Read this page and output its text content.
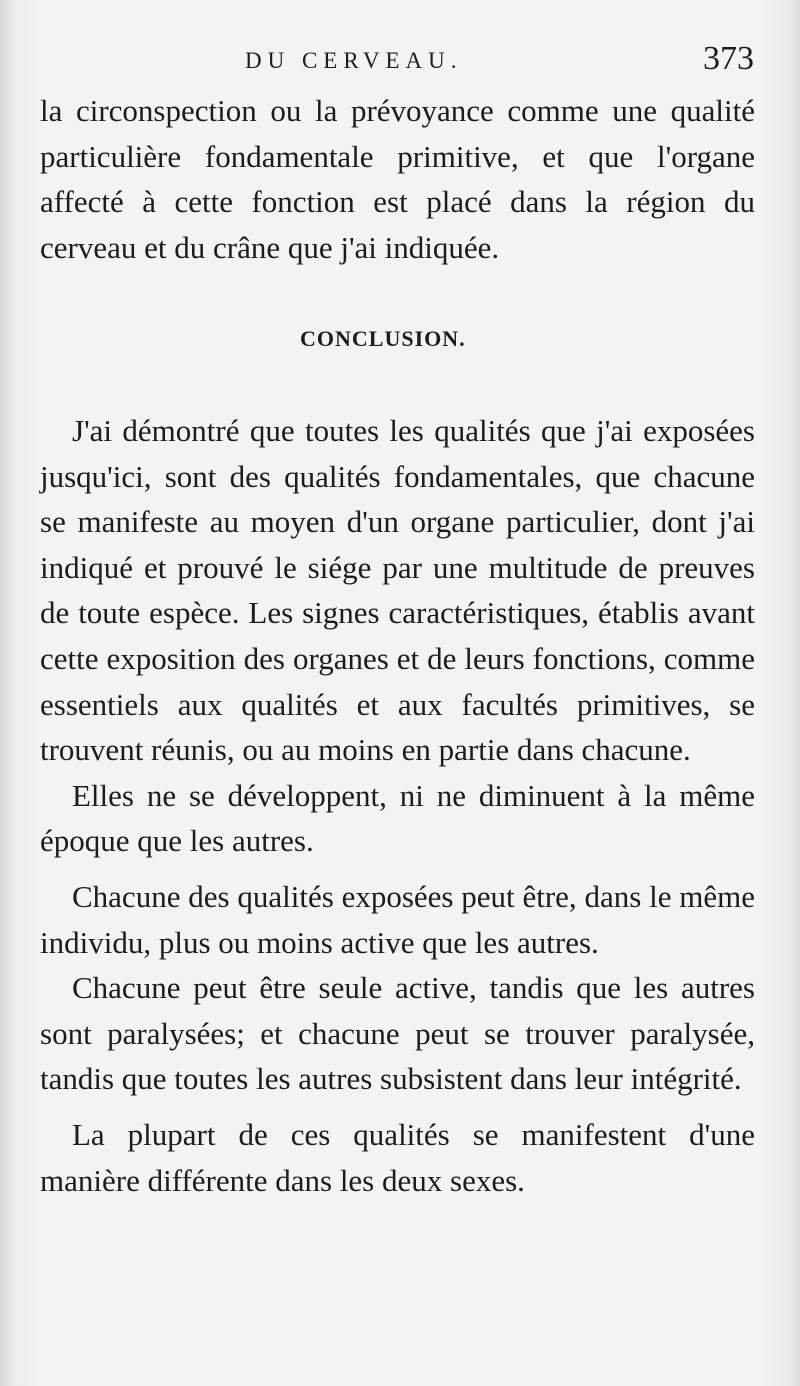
DU CERVEAU.	373

la circonspection ou la prévoyance comme une qualité particulière fondamentale primitive, et que l'organe affecté à cette fonction est placé dans la région du cerveau et du crâne que j'ai indiquée.

CONCLUSION.

J'ai démontré que toutes les qualités que j'ai exposées jusqu'ici, sont des qualités fondamentales, que chacune se manifeste au moyen d'un organe particulier, dont j'ai indiqué et prouvé le siége par une multitude de preuves de toute espèce. Les signes caractéristiques, établis avant cette exposition des organes et de leurs fonctions, comme essentiels aux qualités et aux facultés primitives, se trouvent réunis, ou au moins en partie dans chacune.

Elles ne se développent, ni ne diminuent à la même époque que les autres.

Chacune des qualités exposées peut être, dans le même individu, plus ou moins active que les autres.

Chacune peut être seule active, tandis que les autres sont paralysées; et chacune peut se trouver paralysée, tandis que toutes les autres subsistent dans leur intégrité.

La plupart de ces qualités se manifestent d'une manière différente dans les deux sexes.
